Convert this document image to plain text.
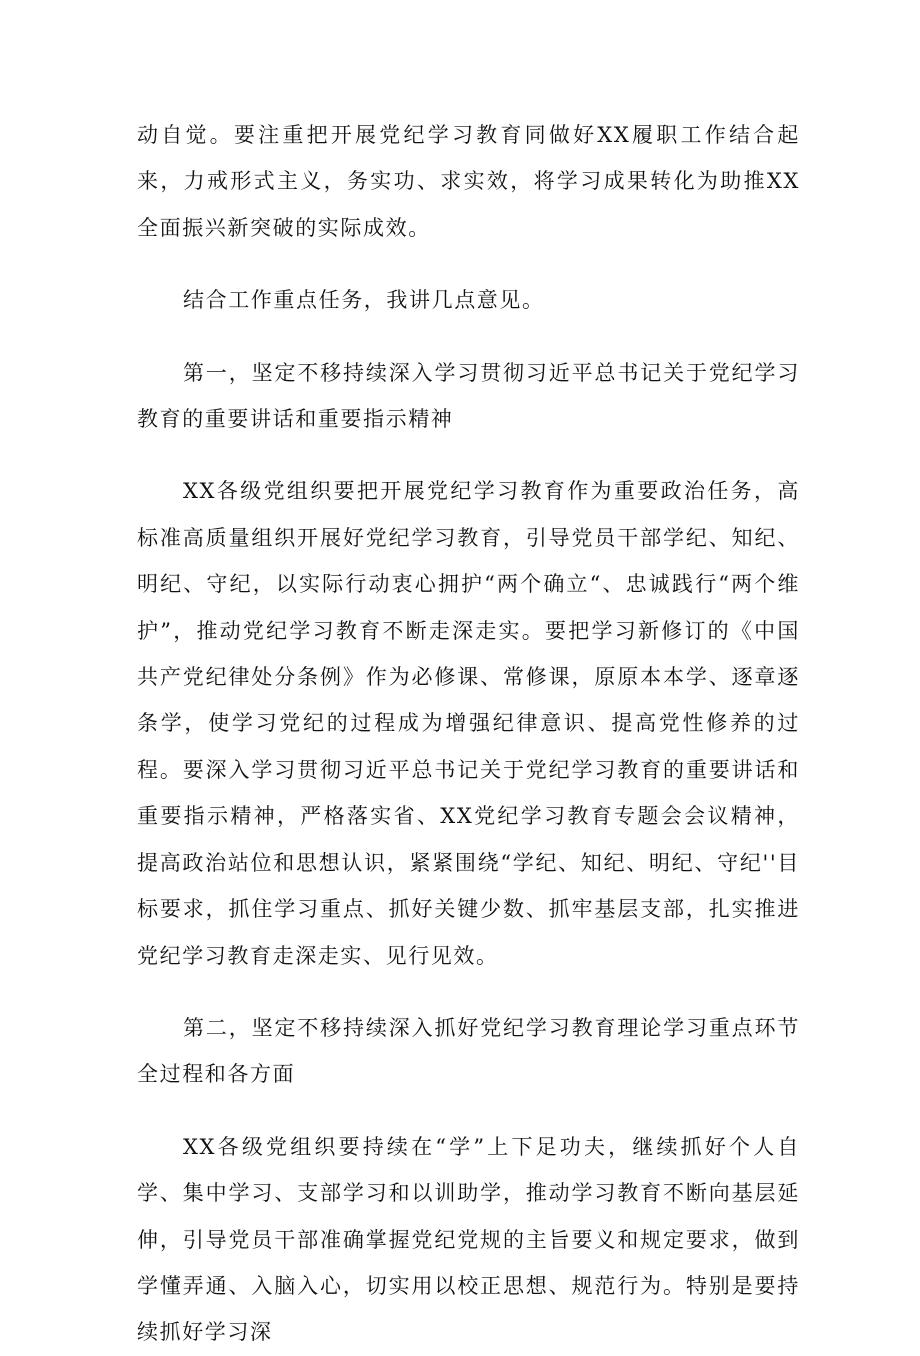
动自觉。要注重把开展党纪学习教育同做好XX履职工作结合起来，力戒形式主义，务实功、求实效，将学习成果转化为助推XX全面振兴新突破的实际成效。

结合工作重点任务，我讲几点意见。

第一，坚定不移持续深入学习贯彻习近平总书记关于党纪学习教育的重要讲话和重要指示精神

XX各级党组织要把开展党纪学习教育作为重要政治任务，高标准高质量组织开展好党纪学习教育，引导党员干部学纪、知纪、明纪、守纪，以实际行动衷心拥护“两个确立“、忠诚践行“两个维护”，推动党纪学习教育不断走深走实。要把学习新修订的《中国共产党纪律处分条例》作为必修课、常修课，原原本本学、逐章逐条学，使学习党纪的过程成为增强纪律意识、提高党性修养的过程。要深入学习贯彻习近平总书记关于党纪学习教育的重要讲话和重要指示精神，严格落实省、XX党纪学习教育专题会会议精神，提高政治站位和思想认识，紧紧围绕“学纪、知纪、明纪、守纪''目标要求，抓住学习重点、抓好关键少数、抓牢基层支部，扎实推进党纪学习教育走深走实、见行见效。

第二，坚定不移持续深入抓好党纪学习教育理论学习重点环节全过程和各方面

XX各级党组织要持续在“学”上下足功夫，继续抓好个人自学、集中学习、支部学习和以训助学，推动学习教育不断向基层延伸，引导党员干部准确掌握党纪党规的主旨要义和规定要求，做到学懂弄通、入脑入心，切实用以校正思想、规范行为。特别是要持续抓好学习深
